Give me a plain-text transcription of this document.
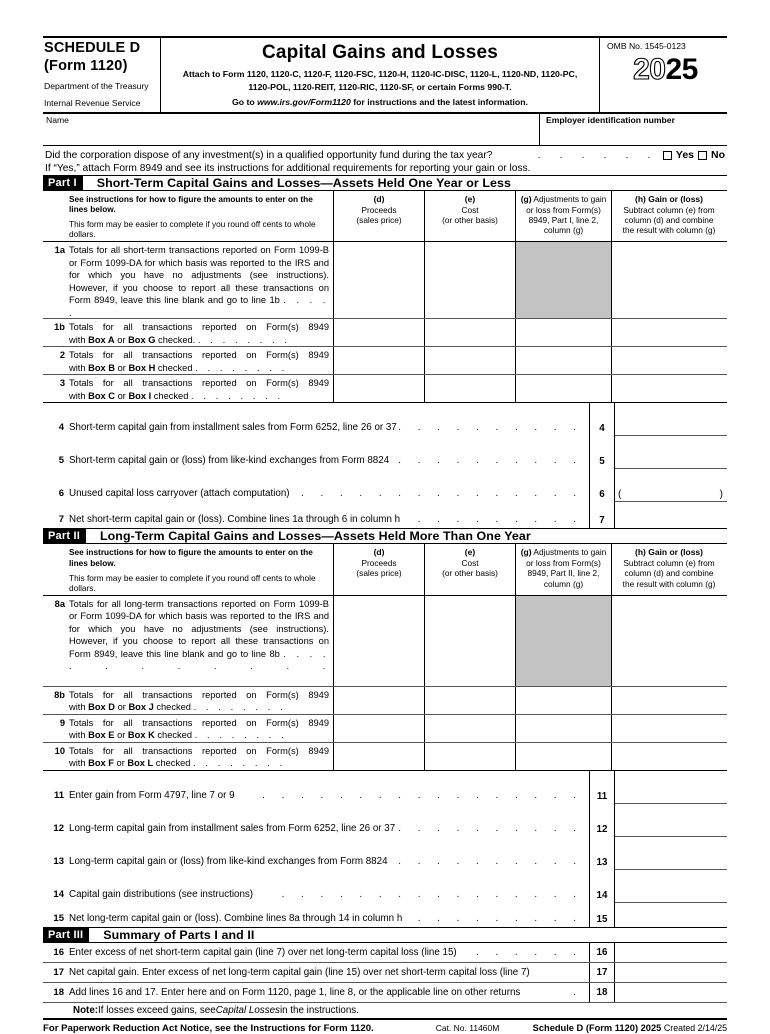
SCHEDULE D
(Form 1120)
Department of the Treasury
Internal Revenue Service
Capital Gains and Losses
Attach to Form 1120, 1120-C, 1120-F, 1120-FSC, 1120-H, 1120-IC-DISC, 1120-L, 1120-ND, 1120-PC,
1120-POL, 1120-REIT, 1120-RIC, 1120-SF, or certain Forms 990-T.
Go to www.irs.gov/Form1120 for instructions and the latest information.
OMB No. 1545-0123
2025
Name	Employer identification number
Did the corporation dispose of any investment(s) in a qualified opportunity fund during the tax year?	.  .  .  .  .  .	Yes No
If “Yes,” attach Form 8949 and see its instructions for additional requirements for reporting your gain or loss.
Part I	Short-Term Capital Gains and Losses—Assets Held One Year or Less
See instructions for how to figure the amounts to enter on the lines below.
This form may be easier to complete if you round off cents to whole dollars.
(d)
Proceeds
(sales price)
(e)
Cost
(or other basis)
(g) Adjustments to gain
or loss from Form(s)
8949, Part I, line 2,
column (g)
(h) Gain or (loss)
Subtract column (e) from
column (d) and combine
the result with column (g)
1a Totals for all short-term transactions reported on Form 1099-B or Form 1099-DA for which basis was reported to the IRS and for which you have no adjustments (see instructions). However, if you choose to report all these transactions on Form 8949, leave this line blank and go to line 1b . . . . .
1b Totals for all transactions reported on Form(s) 8949
with Box A or Box G checked. . . . . . . . .
2 Totals for all transactions reported on Form(s) 8949
with Box B or Box H checked . . . . . . . .
3 Totals for all transactions reported on Form(s) 8949
with Box C or Box I checked . . . . . . . .
4 Short-term capital gain from installment sales from Form 6252, line 26 or 37 . . . . . . . . . .	4
5 Short-term capital gain or (loss) from like-kind exchanges from Form 8824 . . . . . . . . . .	5
6 Unused capital loss carryover (attach computation)	. . . . . . . . . . . . . . .	6	(	)
7 Net short-term capital gain or (loss). Combine lines 1a through 6 in column h	. . . . . . . . .	7
Part II	Long-Term Capital Gains and Losses—Assets Held More Than One Year
See instructions for how to figure the amounts to enter on the lines below.
This form may be easier to complete if you round off cents to whole dollars.
(d)
Proceeds
(sales price)
(e)
Cost
(or other basis)
(g) Adjustments to gain
or loss from Form(s)
8949, Part II, line 2,
column (g)
(h) Gain or (loss)
Subtract column (e) from
column (d) and combine
the result with column (g)
8a Totals for all long-term transactions reported on Form 1099-B or Form 1099-DA for which basis was reported to the IRS and for which you have no adjustments (see instructions). However, if you choose to report all these transactions on Form 8949, leave this line blank and go to line 8b . . . . . . . . . . . .
8b Totals for all transactions reported on Form(s) 8949
with Box D or Box J checked . . . . . . . .
9 Totals for all transactions reported on Form(s) 8949
with Box E or Box K checked . . . . . . . .
10 Totals for all transactions reported on Form(s) 8949
with Box F or Box L checked . . . . . . . .
11 Enter gain from Form 4797, line 7 or 9	. . . . . . . . . . . . . . . . .	11
12 Long-term capital gain from installment sales from Form 6252, line 26 or 37 . . . . . . . . . .	12
13 Long-term capital gain or (loss) from like-kind exchanges from Form 8824	. . . . . . . . . .	13
14 Capital gain distributions (see instructions)	. . . . . . . . . . . . . . . .	14
15 Net long-term capital gain or (loss). Combine lines 8a through 14 in column h	. . . . . . . . .	15
Part III	Summary of Parts I and II
16 Enter excess of net short-term capital gain (line 7) over net long-term capital loss (line 15)	. . . . . .	16
17 Net capital gain. Enter excess of net long-term capital gain (line 15) over net short-term capital loss (line 7)	17
18 Add lines 16 and 17. Enter here and on Form 1120, page 1, line 8, or the applicable line on other returns	.	18
Note: If losses exceed gains, see Capital Losses in the instructions.
For Paperwork Reduction Act Notice, see the Instructions for Form 1120.	Cat. No. 11460M	Schedule D (Form 1120) 2025 Created 2/14/25
